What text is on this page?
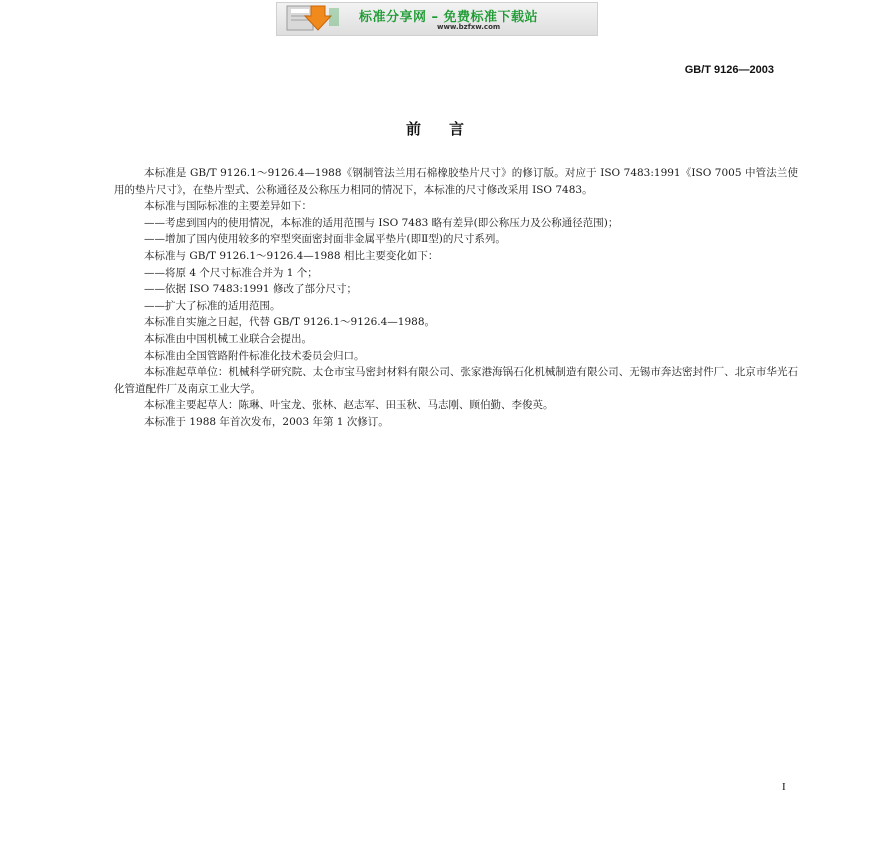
标准分享网 – 免费标准下载站
www.bzfxw.com
GB/T 9126—2003
前言

本标准是 GB/T 9126.1～9126.4—1988《钢制管法兰用石棉橡胶垫片尺寸》的修订版。对应于 ISO 7483:1991《ISO 7005 中管法兰使用的垫片尺寸》，在垫片型式、公称通径及公称压力相同的情况下，本标准的尺寸修改采用 ISO 7483。

本标准与国际标准的主要差异如下：

——考虑到国内的使用情况，本标准的适用范围与 ISO 7483 略有差异(即公称压力及公称通径范围)；

——增加了国内使用较多的窄型突面密封面非金属平垫片(即Ⅱ型)的尺寸系列。

本标准与 GB/T 9126.1～9126.4—1988 相比主要变化如下：

——将原 4 个尺寸标准合并为 1 个；

——依据 ISO 7483:1991 修改了部分尺寸；

——扩大了标准的适用范围。

本标准自实施之日起，代替 GB/T 9126.1～9126.4—1988。

本标准由中国机械工业联合会提出。

本标准由全国管路附件标准化技术委员会归口。

本标准起草单位：机械科学研究院、太仓市宝马密封材料有限公司、张家港海锅石化机械制造有限公司、无锡市奔达密封件厂、北京市华光石化管道配件厂及南京工业大学。

本标准主要起草人：陈琳、叶宝龙、张林、赵志军、田玉秋、马志刚、顾伯勤、李俊英。

本标准于 1988 年首次发布，2003 年第 1 次修订。

I
